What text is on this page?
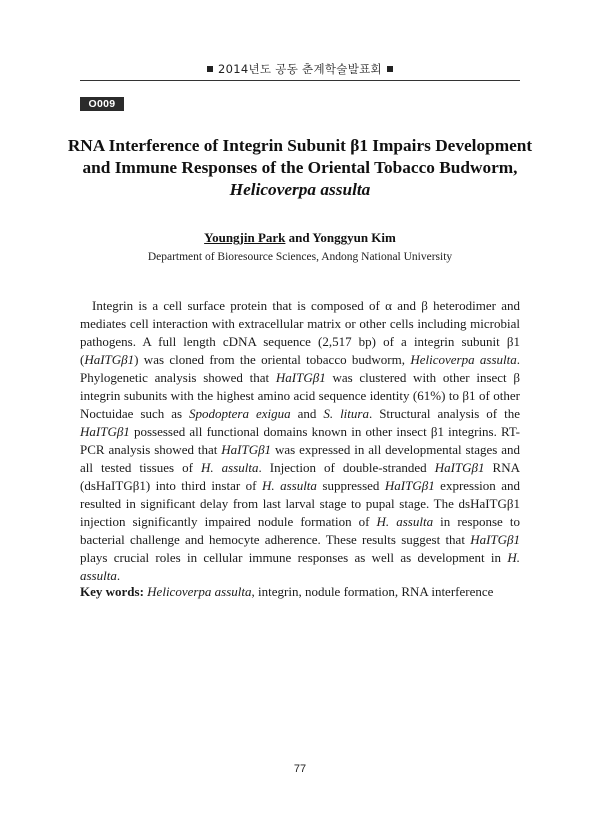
2014년도 공동 춘계학술발표회
O009
RNA Interference of Integrin Subunit β1 Impairs Development
and Immune Responses of the Oriental Tobacco Budworm,
Helicoverpa assulta
Youngjin Park and Yonggyun Kim
Department of Bioresource Sciences, Andong National University

Integrin is a cell surface protein that is composed of α and β heterodimer and mediates cell interaction with extracellular matrix or other cells including microbial pathogens. A full length cDNA sequence (2,517 bp) of a integrin subunit β1 (HaITGβ1) was cloned from the oriental tobacco budworm, Helicoverpa assulta. Phylogenetic analysis showed that HaITGβ1 was clustered with other insect β integrin subunits with the highest amino acid sequence identity (61%) to β1 of other Noctuidae such as Spodoptera exigua and S. litura. Structural analysis of the HaITGβ1 possessed all functional domains known in other insect β1 integrins. RT-PCR analysis showed that HaITGβ1 was expressed in all developmental stages and all tested tissues of H. assulta. Injection of double-stranded HaITGβ1 RNA (dsHaITGβ1) into third instar of H. assulta suppressed HaITGβ1 expression and resulted in significant delay from last larval stage to pupal stage. The dsHaITGβ1 injection significantly impaired nodule formation of H. assulta in response to bacterial challenge and hemocyte adherence. These results suggest that HaITGβ1 plays crucial roles in cellular immune responses as well as development in H. assulta.

Key words: Helicoverpa assulta, integrin, nodule formation, RNA interference
77
